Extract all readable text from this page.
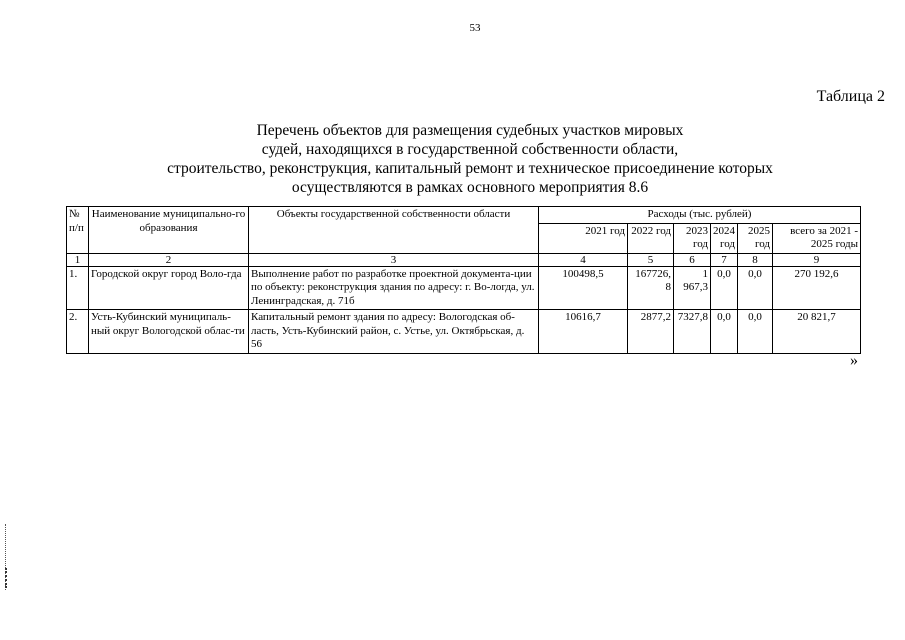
53
Таблица 2
Перечень объектов для размещения судебных участков мировых
судей, находящихся в государственной собственности области,
строительство, реконструкция, капитальный ремонт и техническое присоединение которых
осуществляются в рамках основного мероприятия 8.6
№ п/п	Наименование муниципально-го образования	Объекты государственной собственности области	Расходы (тыс. рублей)					
			2021 год	2022 год	2023 год	2024 год	2025 год	всего за 2021 - 2025 годы
1	2	3	4	5	6	7	8	9
1.	Городской округ город Воло-гда	Выполнение работ по разработке проектной документа-ции по объекту: реконструкция здания по адресу: г. Во-логда, ул. Ленинградская, д. 71б	100498,5	167726,8	1 967,3	0,0	0,0	270 192,6
2.	Усть-Кубинский муниципаль-ный округ Вологодской облас-ти	Капитальный ремонт здания по адресу: Вологодская об-ласть, Усть-Кубинский район, с. Устье, ул. Октябрьская, д. 56	10616,7	2877,2	7327,8	0,0	0,0	20 821,7
»
